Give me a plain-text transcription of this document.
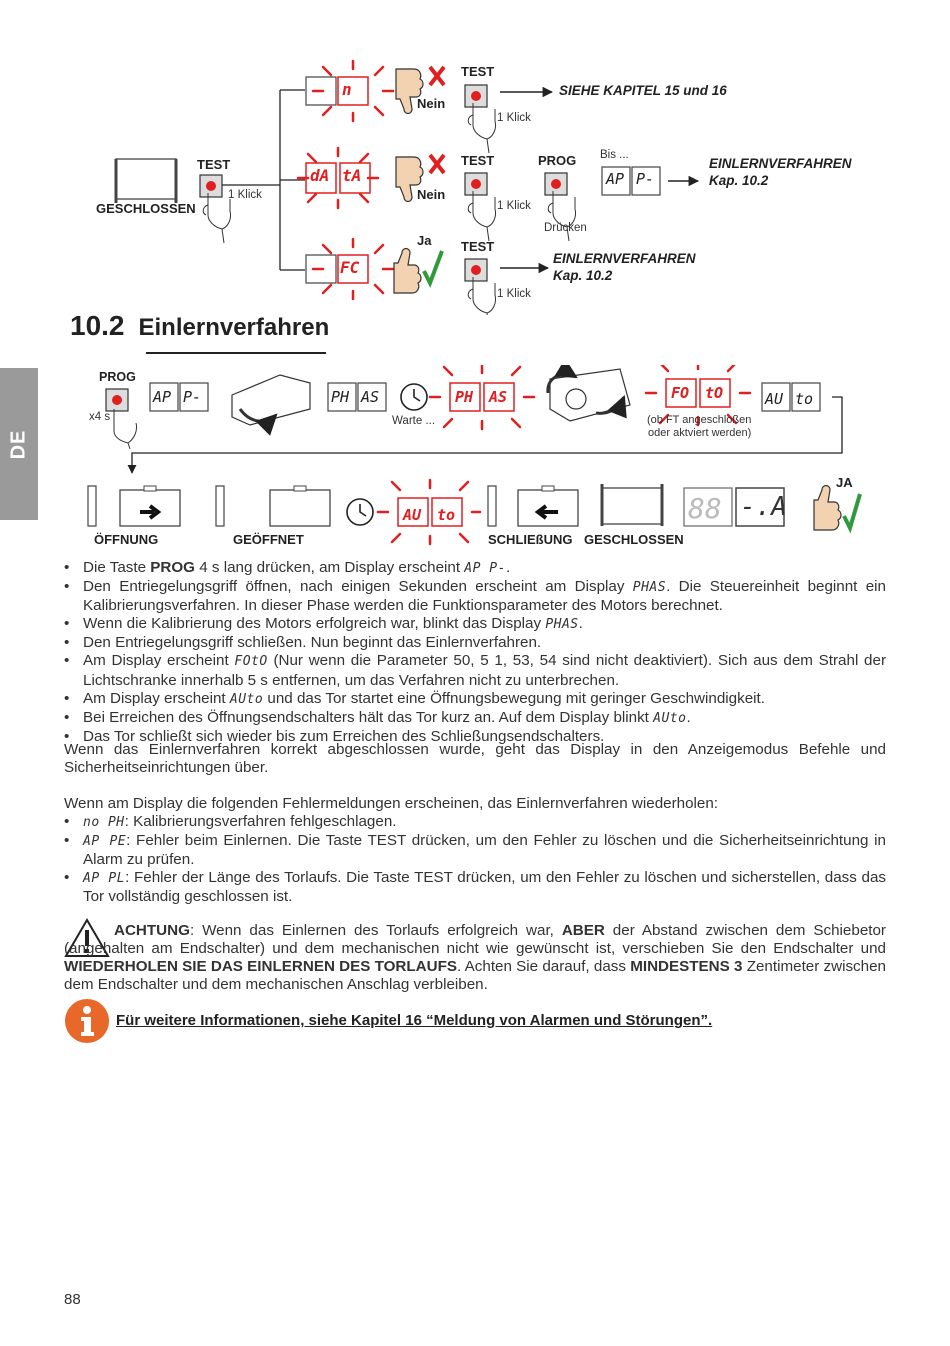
DE
GESCHLOSSEN
TEST
1 Klick
n
dA tA
FC
Nein
Nein
Ja
TEST
TEST
TEST
PROG
1 Klick
1 Klick
1 Klick
Drücken
Bis ...
AP P-
SIEHE KAPITEL 15 und 16
EINLERNVERFAHREN
Kap. 10.2
EINLERNVERFAHREN
Kap. 10.2
10.2 Einlernverfahren
PROG
x4 s
AP P-	PH AS	PH AS
Warte ...
FO tO
(ob FT angeschloßen
oder aktviert werden)
AU to
ÖFFNUNG	GEÖFFNET
AU to
SCHLIEßUNG GESCHLOSSEN
88 -.A
JA
• Die Taste PROG 4 s lang drücken, am Display erscheint AP P-.
• Den Entriegelungsgriff öffnen, nach einigen Sekunden erscheint am Display PHAS. Die Steuereinheit beginnt ein Kalibrierungsverfahren. In dieser Phase werden die Funktionsparameter des Motors berechnet.
• Wenn die Kalibrierung des Motors erfolgreich war, blinkt das Display PHAS.
• Den Entriegelungsgriff schließen. Nun beginnt das Einlernverfahren.
• Am Display erscheint FOtO (Nur wenn die Parameter 50, 5 1, 53, 54 sind nicht deaktiviert). Sich aus dem Strahl der Lichtschranke innerhalb 5 s entfernen, um das Verfahren nicht zu unterbrechen.
• Am Display erscheint AUto und das Tor startet eine Öffnungsbewegung mit geringer Geschwindigkeit.
• Bei Erreichen des Öffnungsendschalters hält das Tor kurz an. Auf dem Display blinkt AUto.
• Das Tor schließt sich wieder bis zum Erreichen des Schließungsendschalters.
Wenn das Einlernverfahren korrekt abgeschlossen wurde, geht das Display in den Anzeigemodus Befehle und Sicherheitseinrichtungen über.
Wenn am Display die folgenden Fehlermeldungen erscheinen, das Einlernverfahren wiederholen:
•	no PH: Kalibrierungsverfahren fehlgeschlagen.
•	AP PE: Fehler beim Einlernen. Die Taste TEST drücken, um den Fehler zu löschen und die Sicherheitseinrichtung in Alarm zu prüfen.
•	AP PL: Fehler der Länge des Torlaufs. Die Taste TEST drücken, um den Fehler zu löschen und sicherstellen, dass das Tor vollständig geschlossen ist.
ACHTUNG: Wenn das Einlernen des Torlaufs erfolgreich war, ABER der Abstand zwischen dem Schiebetor (angehalten am Endschalter) und dem mechanischen nicht wie gewünscht ist, verschieben Sie den Endschalter und WIEDERHOLEN SIE DAS EINLERNEN DES TORLAUFS. Achten Sie darauf, dass MINDESTENS 3 Zentimeter zwischen dem Endschalter und dem mechanischen Anschlag verbleiben.
Für weitere Informationen, siehe Kapitel 16 “Meldung von Alarmen und Störungen”.
88
